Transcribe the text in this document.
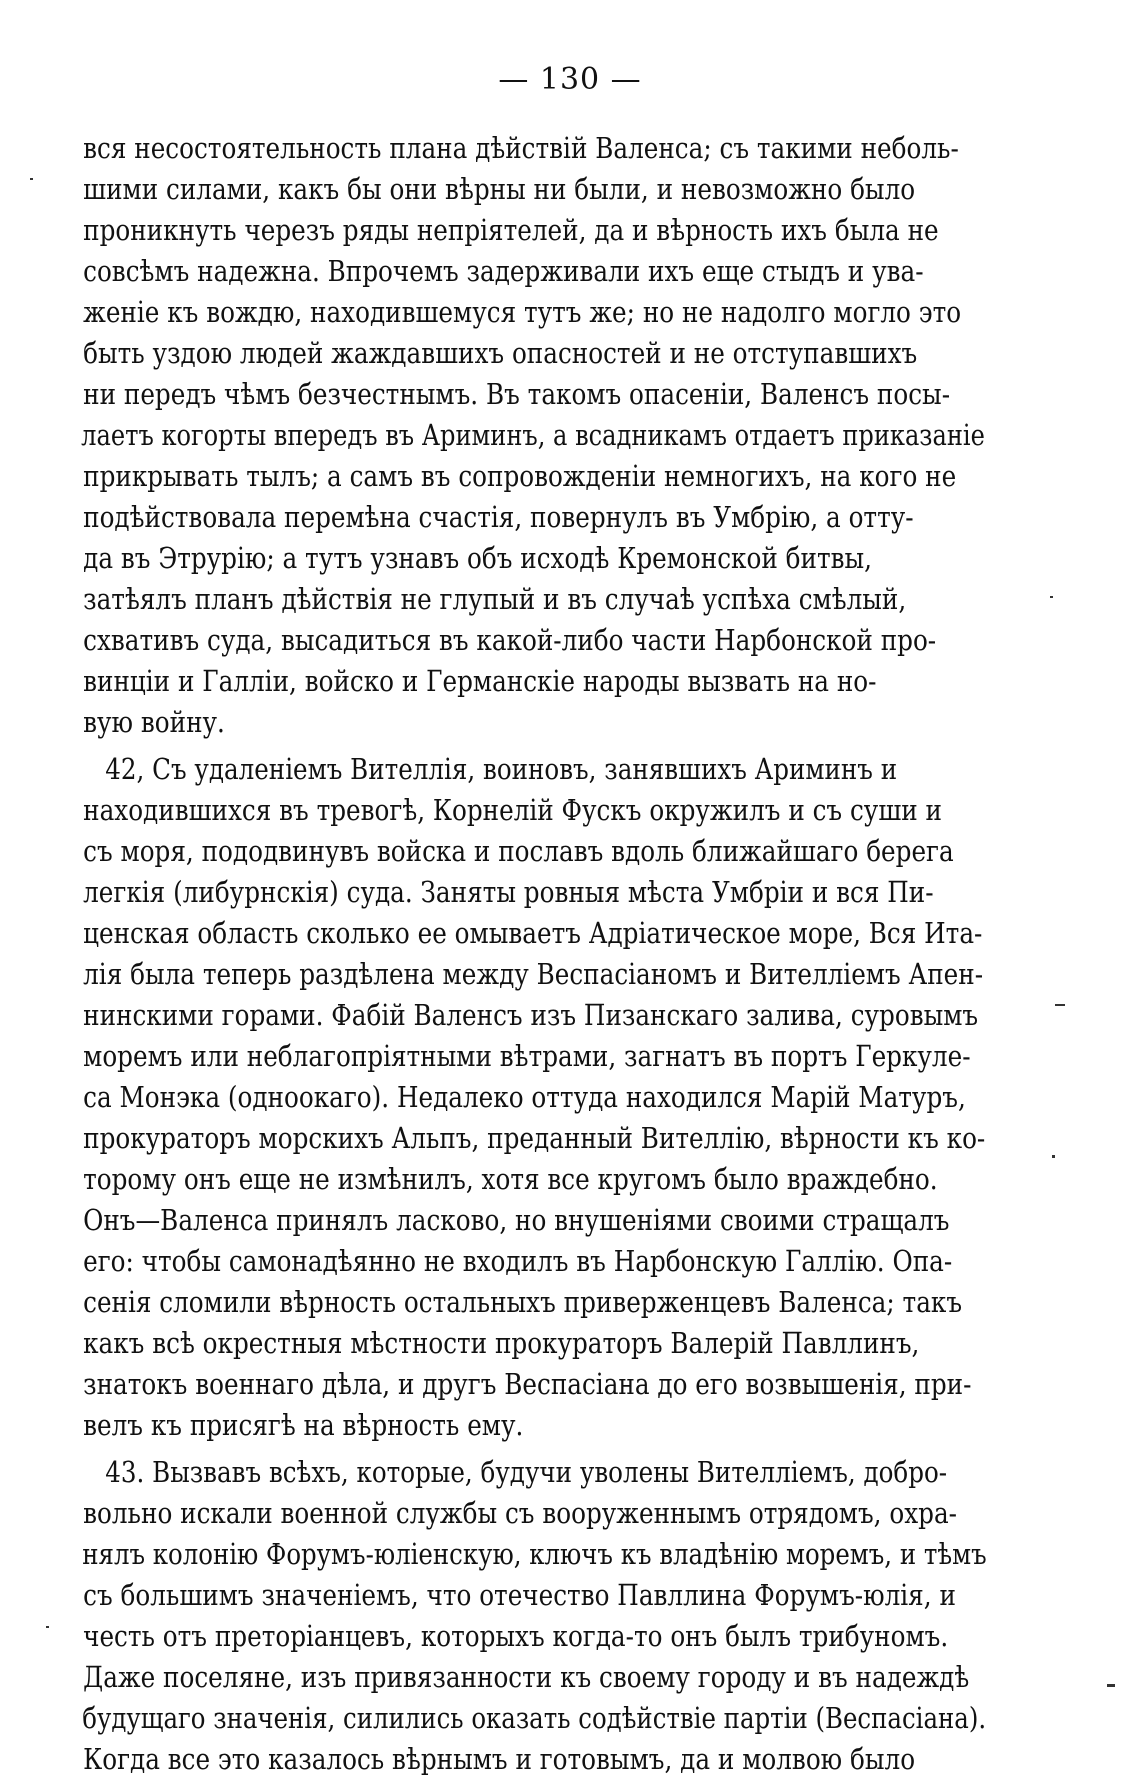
— 130 —
вся несостоятельность плана дѣйствій Валенса; съ такими неболь-
шими силами, какъ бы они вѣрны ни были, и невозможно было
проникнуть черезъ ряды непріятелей, да и вѣрность ихъ была не
совсѣмъ надежна. Впрочемъ задерживали ихъ еще стыдъ и ува-
женіе къ вождю, находившемуся тутъ же; но не надолго могло это
быть уздою людей жаждавшихъ опасностей и не отступавшихъ
ни передъ чѣмъ безчестнымъ. Въ такомъ опасеніи, Валенсъ посы-
лаетъ когорты впередъ въ Ариминъ, а всадникамъ отдаетъ приказаніе
прикрывать тылъ; а самъ въ сопровожденіи немногихъ, на кого не
подѣйствовала перемѣна счастія, повернулъ въ Умбрію, а отту-
да въ Этрурію; а тутъ узнавъ объ исходѣ Кремонской битвы,
затѣялъ планъ дѣйствія не глупый и въ случаѣ успѣха смѣлый,
схвативъ суда, высадиться въ какой-либо части Нарбонской про-
винціи и Галліи, войско и Германскіе народы вызвать на но-
вую войну.
42, Съ удаленіемъ Вителлія, воиновъ, занявшихъ Ариминъ и
находившихся въ тревогѣ, Корнелій Фускъ окружилъ и съ суши и
съ моря, пододвинувъ войска и пославъ вдоль ближайшаго берега
легкія (либурнскія) суда. Заняты ровныя мѣста Умбріи и вся Пи-
ценская область сколько ее омываетъ Адріатическое море, Вся Ита-
лія была теперь раздѣлена между Веспасіаномъ и Вителліемъ Апен-
нинскими горами. Фабій Валенсъ изъ Пизанскаго залива, суровымъ
моремъ или неблагопріятными вѣтрами, загнатъ въ портъ Геркуле-
са Монэка (одноокаго). Недалеко оттуда находился Марій Матуръ,
прокураторъ морскихъ Альпъ, преданный Вителлію, вѣрности къ ко-
торому онъ еще не измѣнилъ, хотя все кругомъ было враждебно.
Онъ—Валенса принялъ ласково, но внушеніями своими стращалъ
его: чтобы самонадѣянно не входилъ въ Нарбонскую Галлію. Опа-
сенія сломили вѣрность остальныхъ приверженцевъ Валенса; такъ
какъ всѣ окрестныя мѣстности прокураторъ Валерій Павллинъ,
знатокъ военнаго дѣла, и другъ Веспасіана до его возвышенія, при-
велъ къ присягѣ на вѣрность ему.
43. Вызвавъ всѣхъ, которые, будучи уволены Вителліемъ, добро-
вольно искали военной службы съ вооруженнымъ отрядомъ, охра-
нялъ колонію Форумъ-юліенскую, ключъ къ владѣнію моремъ, и тѣмъ
съ большимъ значеніемъ, что отечество Павллина Форумъ-юлія, и
честь отъ преторіанцевъ, которыхъ когда-то онъ былъ трибуномъ.
Даже поселяне, изъ привязанности къ своему городу и въ надеждѣ
будущаго значенія, силились оказать содѣйствіе партіи (Веспасіана).
Когда все это казалось вѣрнымъ и готовымъ, да и молвою было
